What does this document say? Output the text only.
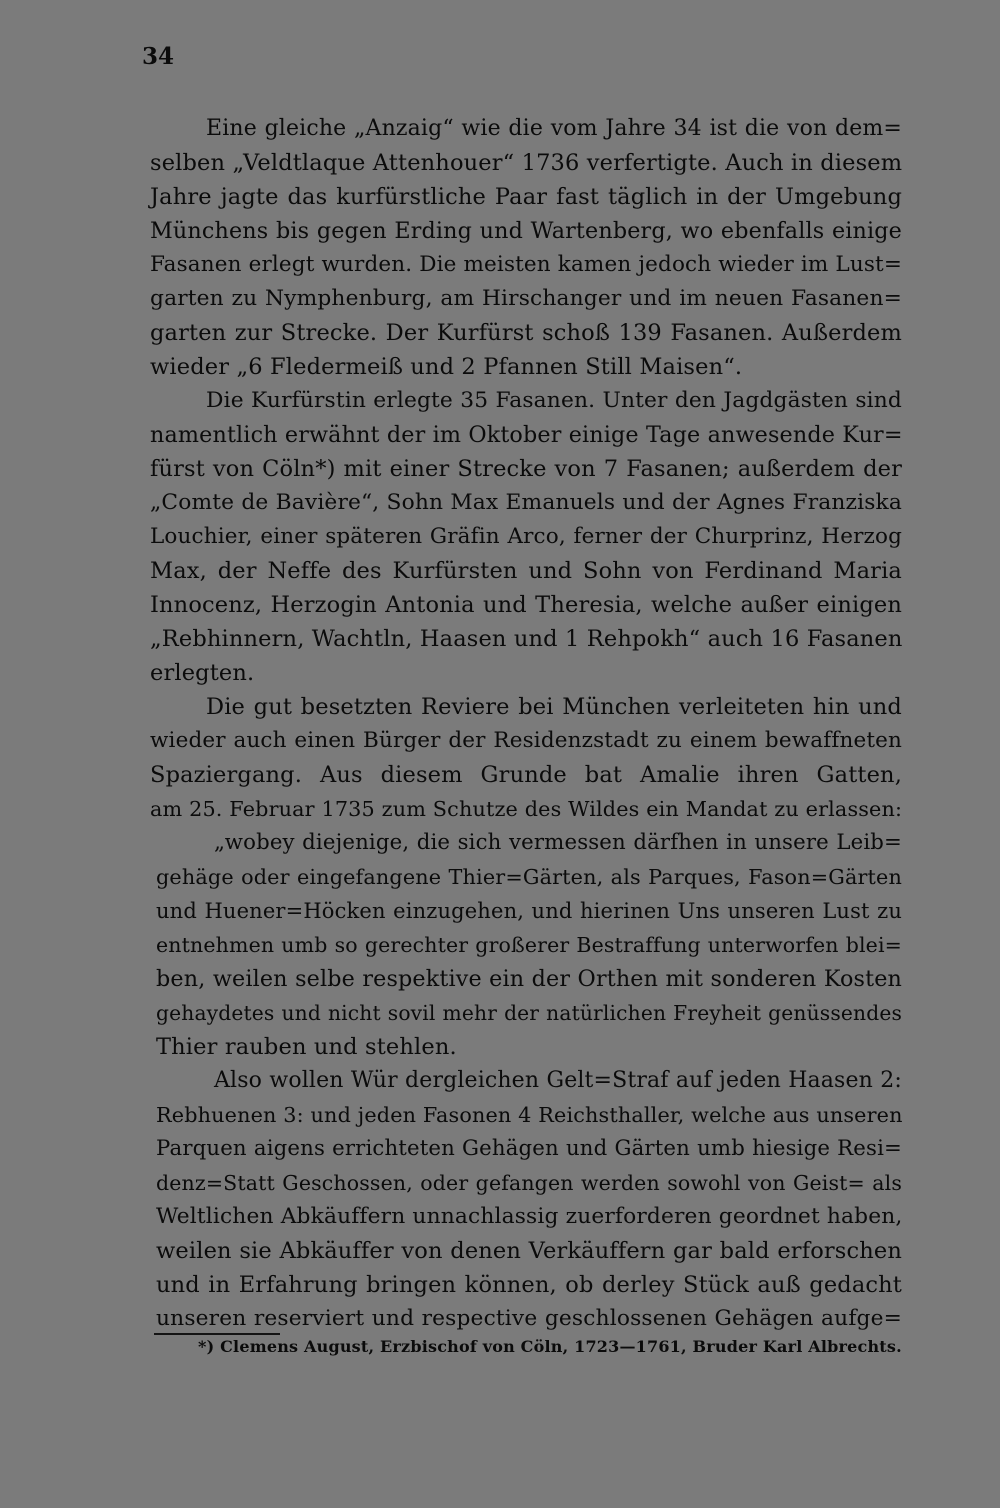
34
Eine gleiche „Anzaig“ wie die vom Jahre 34 ist die von dem=
selben „Veldtlaque Attenhouer“ 1736 verfertigte. Auch in diesem
Jahre jagte das kurfürstliche Paar fast täglich in der Umgebung
Münchens bis gegen Erding und Wartenberg, wo ebenfalls einige
Fasanen erlegt wurden. Die meisten kamen jedoch wieder im Lust=
garten zu Nymphenburg, am Hirschanger und im neuen Fasanen=
garten zur Strecke. Der Kurfürst schoß 139 Fasanen. Außerdem
wieder „6 Fledermeiß und 2 Pfannen Still Maisen“.
Die Kurfürstin erlegte 35 Fasanen. Unter den Jagdgästen sind
namentlich erwähnt der im Oktober einige Tage anwesende Kur=
fürst von Cöln*) mit einer Strecke von 7 Fasanen; außerdem der
„Comte de Bavière“, Sohn Max Emanuels und der Agnes Franziska
Louchier, einer späteren Gräfin Arco, ferner der Churprinz, Herzog
Max, der Neffe des Kurfürsten und Sohn von Ferdinand Maria
Innocenz, Herzogin Antonia und Theresia, welche außer einigen
„Rebhinnern, Wachtln, Haasen und 1 Rehpokh“ auch 16 Fasanen
erlegten.
Die gut besetzten Reviere bei München verleiteten hin und
wieder auch einen Bürger der Residenzstadt zu einem bewaffneten
Spaziergang. Aus diesem Grunde bat Amalie ihren Gatten,
am 25. Februar 1735 zum Schutze des Wildes ein Mandat zu erlassen:
„wobey diejenige, die sich vermessen därfhen in unsere Leib=
gehäge oder eingefangene Thier=Gärten, als Parques, Fason=Gärten
und Huener=Höcken einzugehen, und hierinen Uns unseren Lust zu
entnehmen umb so gerechter großerer Bestraffung unterworfen blei=
ben, weilen selbe respektive ein der Orthen mit sonderen Kosten
gehaydetes und nicht sovil mehr der natürlichen Freyheit genüssendes
Thier rauben und stehlen.
Also wollen Wür dergleichen Gelt=Straf auf jeden Haasen 2:
Rebhuenen 3: und jeden Fasonen 4 Reichsthaller, welche aus unseren
Parquen aigens errichteten Gehägen und Gärten umb hiesige Resi=
denz=Statt Geschossen, oder gefangen werden sowohl von Geist= als
Weltlichen Abkäuffern unnachlassig zuerforderen geordnet haben,
weilen sie Abkäuffer von denen Verkäuffern gar bald erforschen
und in Erfahrung bringen können, ob derley Stück auß gedacht
unseren reserviert und respective geschlossenen Gehägen aufge=
*) Clemens August, Erzbischof von Cöln, 1723—1761, Bruder Karl Albrechts.
